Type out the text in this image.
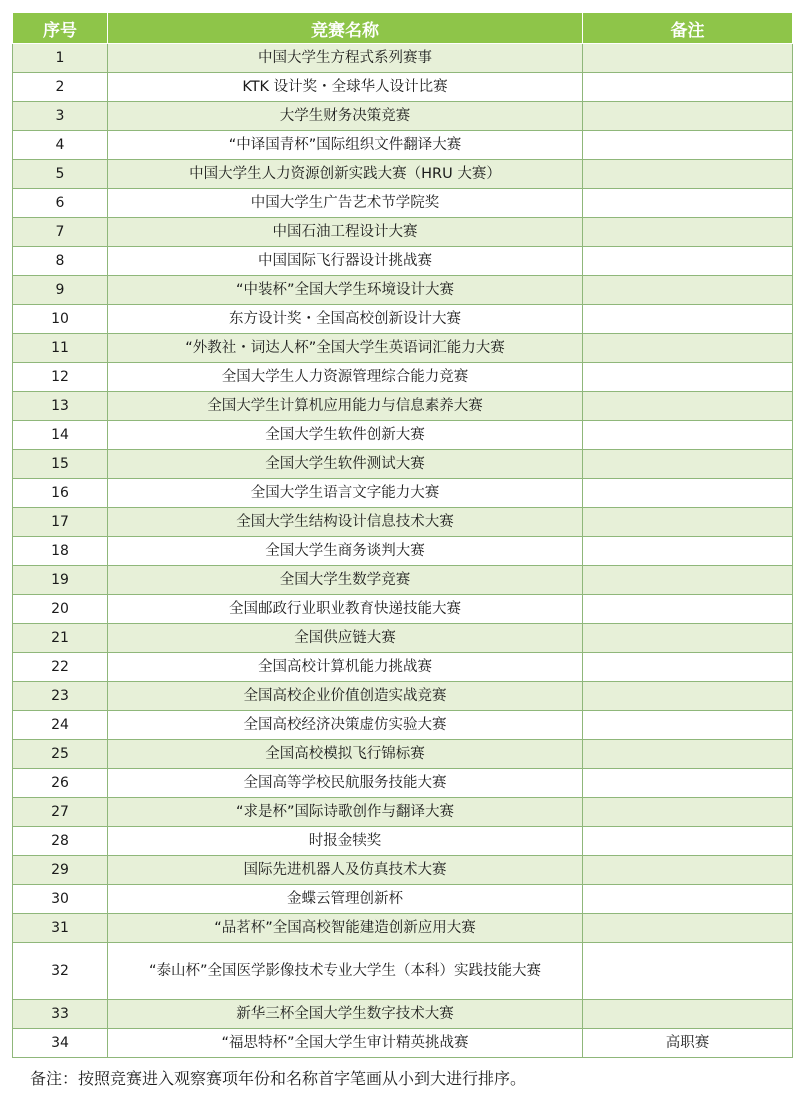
序号	竞赛名称	备注
1	中国大学生方程式系列赛事	
2	KTK 设计奖・全球华人设计比赛	
3	大学生财务决策竞赛	
4	“中译国青杯”国际组织文件翻译大赛	
5	中国大学生人力资源创新实践大赛（HRU 大赛）	
6	中国大学生广告艺术节学院奖	
7	中国石油工程设计大赛	
8	中国国际飞行器设计挑战赛	
9	“中装杯”全国大学生环境设计大赛	
10	东方设计奖・全国高校创新设计大赛	
11	“外教社・词达人杯”全国大学生英语词汇能力大赛	
12	全国大学生人力资源管理综合能力竞赛	
13	全国大学生计算机应用能力与信息素养大赛	
14	全国大学生软件创新大赛	
15	全国大学生软件测试大赛	
16	全国大学生语言文字能力大赛	
17	全国大学生结构设计信息技术大赛	
18	全国大学生商务谈判大赛	
19	全国大学生数学竞赛	
20	全国邮政行业职业教育快递技能大赛	
21	全国供应链大赛	
22	全国高校计算机能力挑战赛	
23	全国高校企业价值创造实战竞赛	
24	全国高校经济决策虚仿实验大赛	
25	全国高校模拟飞行锦标赛	
26	全国高等学校民航服务技能大赛	
27	“求是杯”国际诗歌创作与翻译大赛	
28	时报金犊奖	
29	国际先进机器人及仿真技术大赛	
30	金蝶云管理创新杯	
31	“品茗杯”全国高校智能建造创新应用大赛	
32	“泰山杯”全国医学影像技术专业大学生（本科）实践技能大赛	
33	新华三杯全国大学生数字技术大赛	
34	“福思特杯”全国大学生审计精英挑战赛	高职赛
备注：按照竞赛进入观察赛项年份和名称首字笔画从小到大进行排序。
